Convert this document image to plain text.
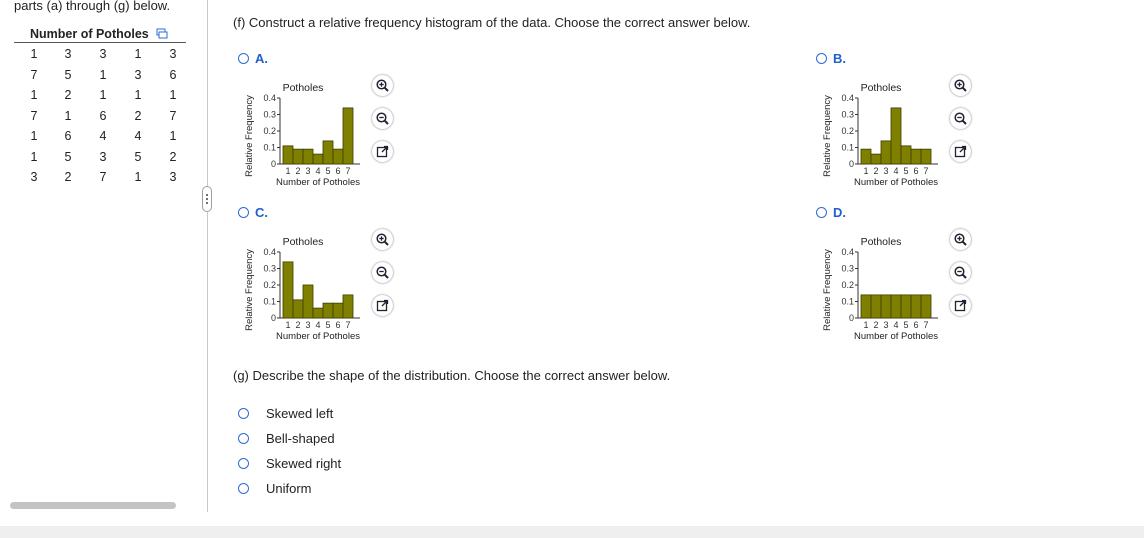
parts (a) through (g) below.
Number of Potholes
1	3	3	1	3
7	5	1	3	6
1	2	1	1	1
7	1	6	2	7
1	6	4	4	1
1	5	3	5	2
3	2	7	1	3
(f) Construct a relative frequency histogram of the data. Choose the correct answer below.
A.
Potholes
Relative Frequency 0
0.1
0.2
0.3
0.4
1 2 3 4 5 6 7
Number of Potholes
B.
Potholes
Relative Frequency 0
0.1
0.2
0.3
0.4
1 2 3 4 5 6 7
Number of Potholes
C.
Potholes
Relative Frequency 0
0.1
0.2
0.3
0.4
1 2 3 4 5 6 7
Number of Potholes
D.
Potholes
Relative Frequency 0
0.1
0.2
0.3
0.4
1 2 3 4 5 6 7
Number of Potholes
(g) Describe the shape of the distribution. Choose the correct answer below.
Skewed left
Bell-shaped
Skewed right
Uniform
